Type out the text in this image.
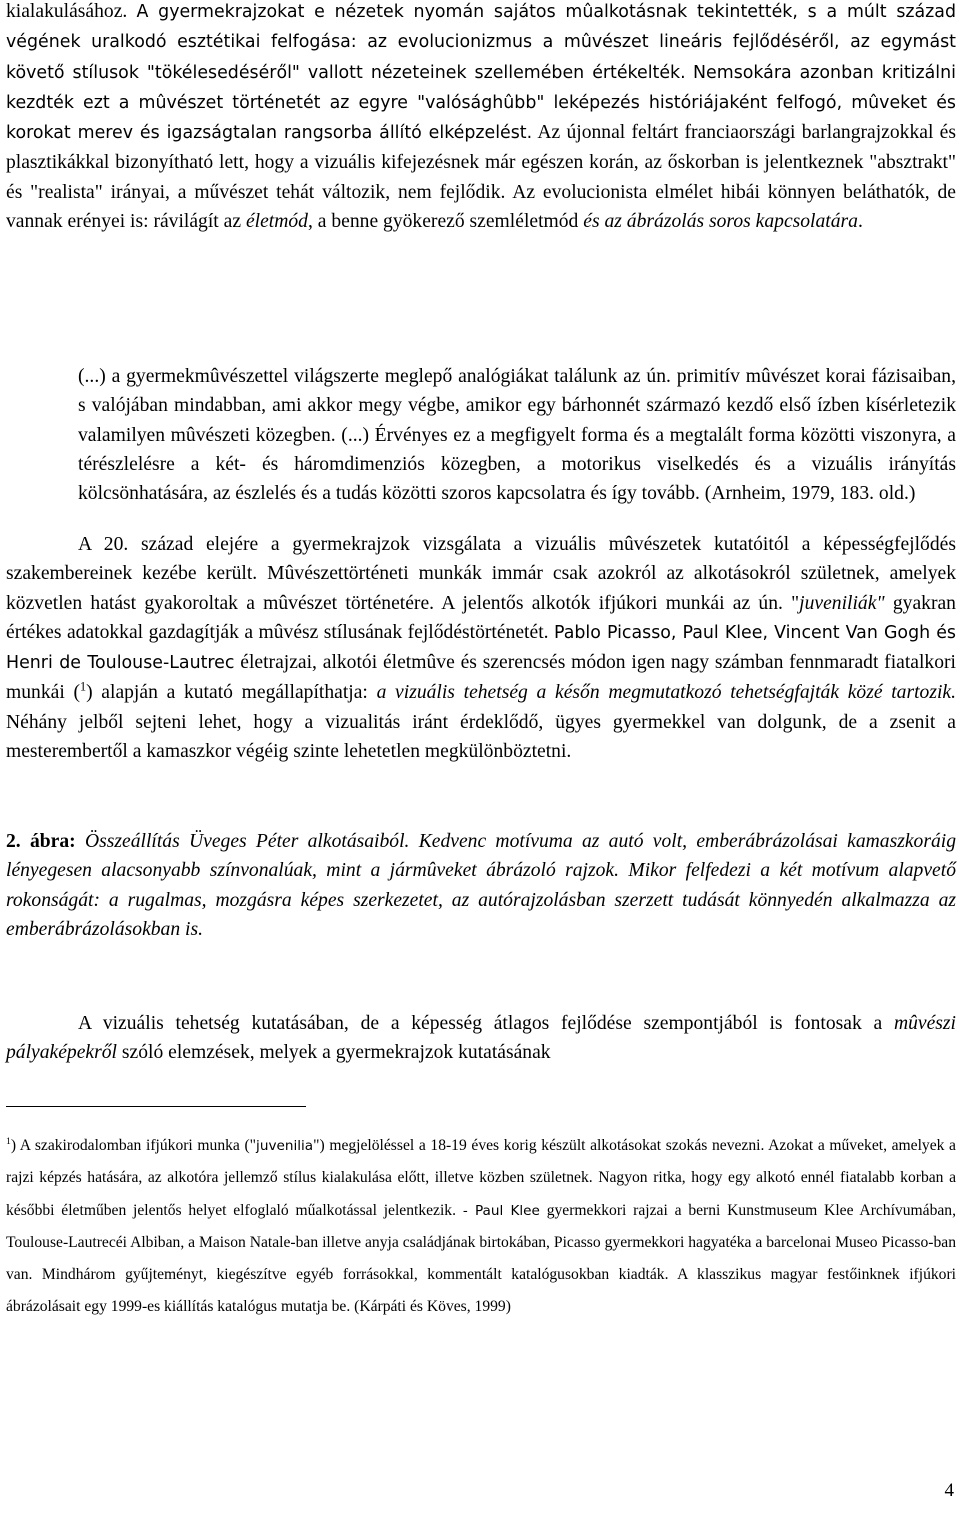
kialakulásához. A gyermekrajzokat e nézetek nyomán sajátos mûalkotásnak tekintették, s a múlt század végének uralkodó esztétikai felfogása: az evolucionizmus a mûvészet lineáris fejlődéséről, az egymást követő stílusok "tökélesedéséről" vallott nézeteinek szellemében értékelték. Nemsokára azonban kritizálni kezdték ezt a mûvészet történetét az egyre "valósághûbb" leképezés históriájaként felfogó, mûveket és korokat merev és igazságtalan rangsorba állító elképzelést. Az újonnal feltárt franciaországi barlangrajzokkal és plasztikákkal bizonyítható lett, hogy a vizuális kifejezésnek már egészen korán, az őskorban is jelentkeznek "absztrakt" és "realista" irányai, a művészet tehát változik, nem fejlődik. Az evolucionista elmélet hibái könnyen beláthatók, de vannak erényei is: rávilágít az életmód, a benne gyökerező szemléletmód és az ábrázolás soros kapcsolatára.

(...) a gyermekmûvészettel világszerte meglepő analógiákat találunk az ún. primitív mûvészet korai fázisaiban, s valójában mindabban, ami akkor megy végbe, amikor egy bárhonnét származó kezdő első ízben kísérletezik valamilyen mûvészeti közegben. (...) Érvényes ez a megfigyelt forma és a megtalált forma közötti viszonyra, a térészlelésre a két- és háromdimenziós közegben, a motorikus viselkedés és a vizuális irányítás kölcsönhatására, az észlelés és a tudás közötti szoros kapcsolatra és így tovább. (Arnheim, 1979, 183. old.)

A 20. század elejére a gyermekrajzok vizsgálata a vizuális mûvészetek kutatóitól a képességfejlődés szakembereinek kezébe került. Mûvészettörténeti munkák immár csak azokról az alkotásokról születnek, amelyek közvetlen hatást gyakoroltak a mûvészet történetére. A jelentős alkotók ifjúkori munkái az ún. "juveniliák" gyakran értékes adatokkal gazdagítják a mûvész stílusának fejlődéstörténetét. Pablo Picasso, Paul Klee, Vincent Van Gogh és Henri de Toulouse-Lautrec életrajzai, alkotói életmûve és szerencsés módon igen nagy számban fennmaradt fiatalkori munkái ($^1$) alapján a kutató megállapíthatja: a vizuális tehetség a későn megmutatkozó tehetségfajták közé tartozik. Néhány jelből sejteni lehet, hogy a vizualitás iránt érdeklődő, ügyes gyermekkel van dolgunk, de a zsenit a mesterembertől a kamaszkor végéig szinte lehetetlen megkülönböztetni.

2. ábra: Összeállítás Üveges Péter alkotásaiból. Kedvenc motívuma az autó volt, emberábrázolásai kamaszkoráig lényegesen alacsonyabb színvonalúak, mint a jármûveket ábrázoló rajzok. Mikor felfedezi a két motívum alapvető rokonságát: a rugalmas, mozgásra képes szerkezetet, az autórajzolásban szerzett tudását könnyedén alkalmazza az emberábrázolásokban is.

A vizuális tehetség kutatásában, de a képesség átlagos fejlődése szempontjából is fontosak a mûvészi pályaképekről szóló elemzések, melyek a gyermekrajzok kutatásának

$^1$) A szakirodalomban ifjúkori munka ("juvenilia") megjelöléssel a 18-19 éves korig készült alkotásokat szokás nevezni. Azokat a műveket, amelyek a rajzi képzés hatására, az alkotóra jellemző stílus kialakulása előtt, illetve közben születnek. Nagyon ritka, hogy egy alkotó ennél fiatalabb korban a későbbi életműben jelentős helyet elfoglaló műalkotással jelentkezik. - Paul Klee gyermekkori rajzai a berni Kunstmuseum Klee Archívumában, Toulouse-Lautrecéi Albiban, a Maison Natale-ban illetve anyja családjának birtokában, Picasso gyermekkori hagyatéka a barcelonai Museo Picasso-ban van. Mindhárom gyűjteményt, kiegészítve egyéb forrásokkal, kommentált katalógusokban kiadták. A klasszikus magyar festőinknek ifjúkori ábrázolásait egy 1999-es kiállítás katalógus mutatja be. (Kárpáti és Köves, 1999)

4
